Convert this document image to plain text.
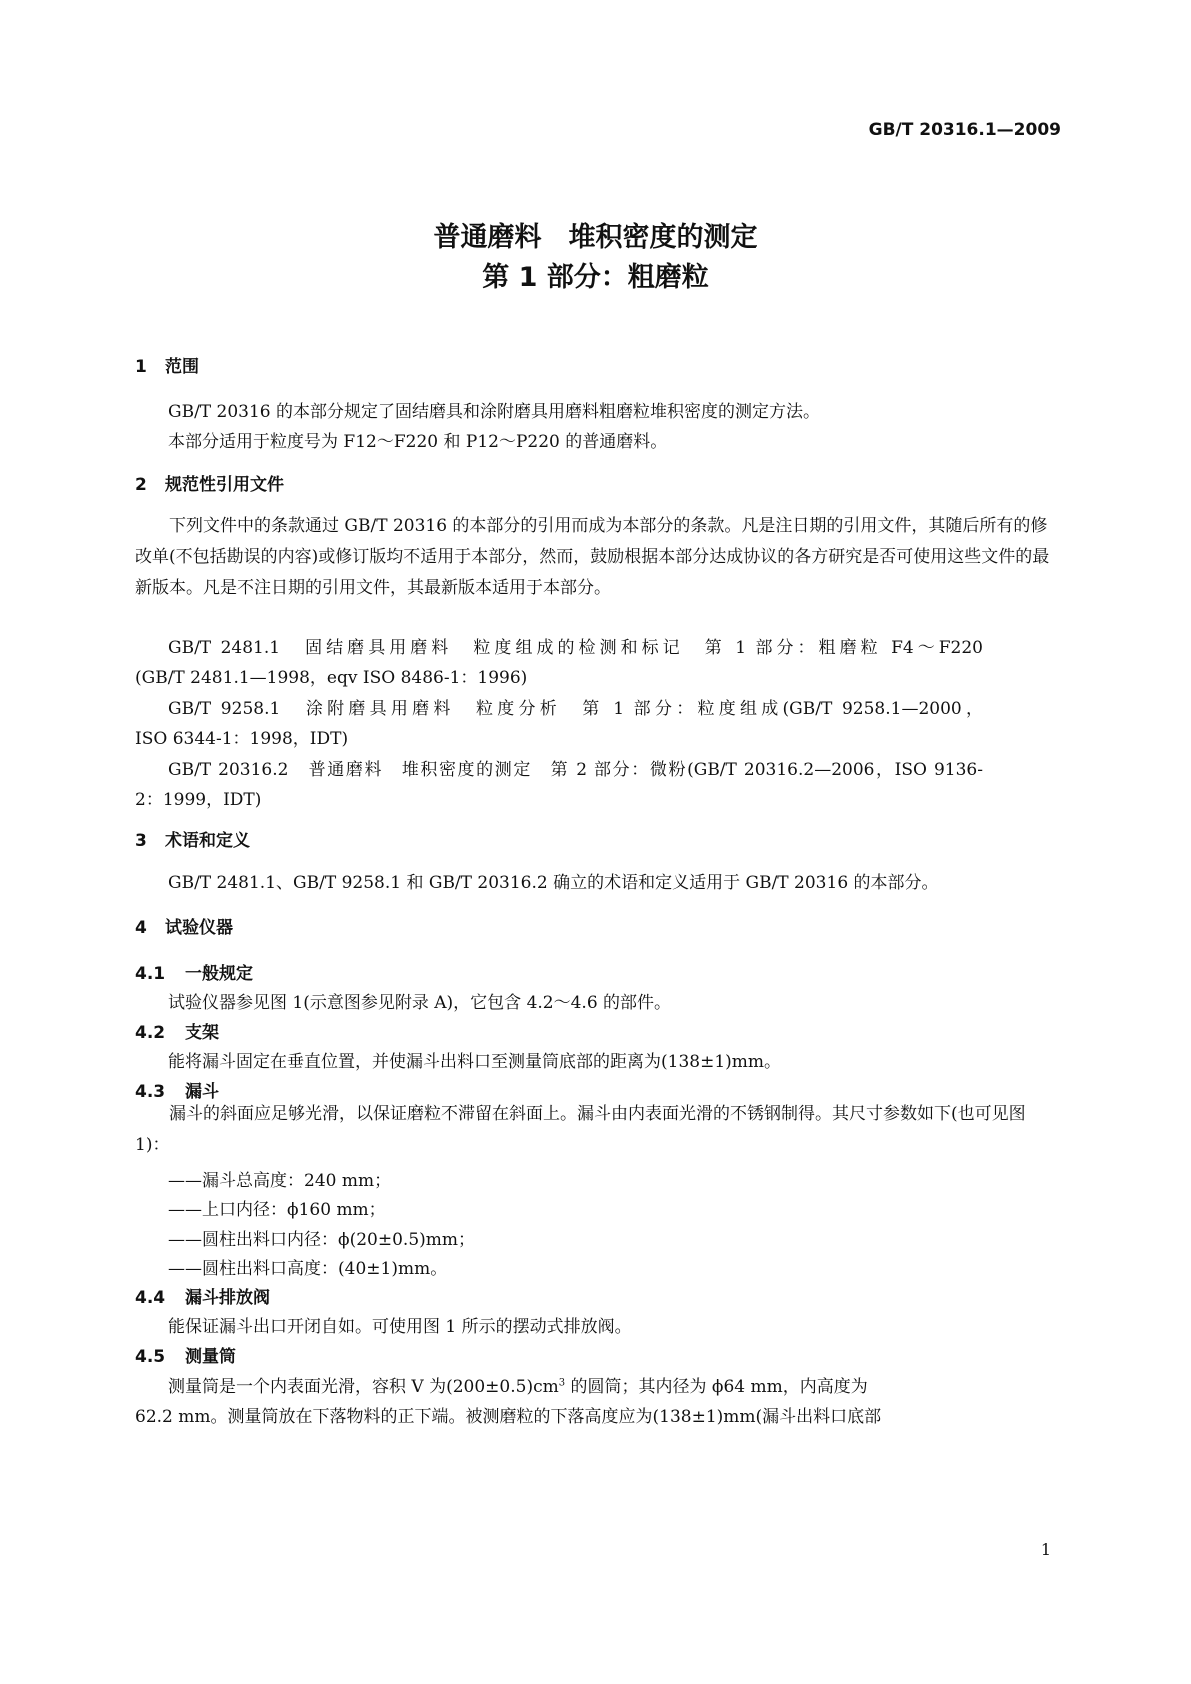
GB/T 20316.1—2009
普通磨料　堆积密度的测定
第 1 部分：粗磨粒
1 范围
GB/T 20316 的本部分规定了固结磨具和涂附磨具用磨料粗磨粒堆积密度的测定方法。
本部分适用于粒度号为 F12～F220 和 P12～P220 的普通磨料。
2 规范性引用文件

下列文件中的条款通过 GB/T 20316 的本部分的引用而成为本部分的条款。凡是注日期的引用文件，其随后所有的修改单(不包括勘误的内容)或修订版均不适用于本部分，然而，鼓励根据本部分达成协议的各方研究是否可使用这些文件的最新版本。凡是不注日期的引用文件，其最新版本适用于本部分。

GB/T 2481.1　固结磨具用磨料　粒度组成的检测和标记　第 1 部分：粗磨粒 F4～F220
(GB/T 2481.1—1998，eqv ISO 8486-1：1996)
GB/T 9258.1　涂附磨具用磨料　粒度分析　第 1 部分：粒度组成(GB/T 9258.1—2000，
ISO 6344-1：1998，IDT)
GB/T 20316.2　普通磨料　堆积密度的测定　第 2 部分：微粉(GB/T 20316.2—2006，ISO 9136-
2：1999，IDT)
3 术语和定义
GB/T 2481.1、GB/T 9258.1 和 GB/T 20316.2 确立的术语和定义适用于 GB/T 20316 的本部分。
4 试验仪器
4.1 一般规定
试验仪器参见图 1(示意图参见附录 A)，它包含 4.2～4.6 的部件。
4.2 支架
能将漏斗固定在垂直位置，并使漏斗出料口至测量筒底部的距离为(138±1)mm。
4.3 漏斗

漏斗的斜面应足够光滑，以保证磨粒不滞留在斜面上。漏斗由内表面光滑的不锈钢制得。其尺寸参数如下(也可见图 1)：

——漏斗总高度：240 mm；
——上口内径：ϕ160 mm；
——圆柱出料口内径：ϕ(20±0.5)mm；
——圆柱出料口高度：(40±1)mm。
4.4 漏斗排放阀
能保证漏斗出口开闭自如。可使用图 1 所示的摆动式排放阀。
4.5 测量筒
测量筒是一个内表面光滑，容积 V 为$(200\pm 0.5)cm^3$ 的圆筒；其内径为 ϕ64 mm，内高度为
62.2 mm。测量筒放在下落物料的正下端。被测磨粒的下落高度应为(138±1)mm(漏斗出料口底部
1
